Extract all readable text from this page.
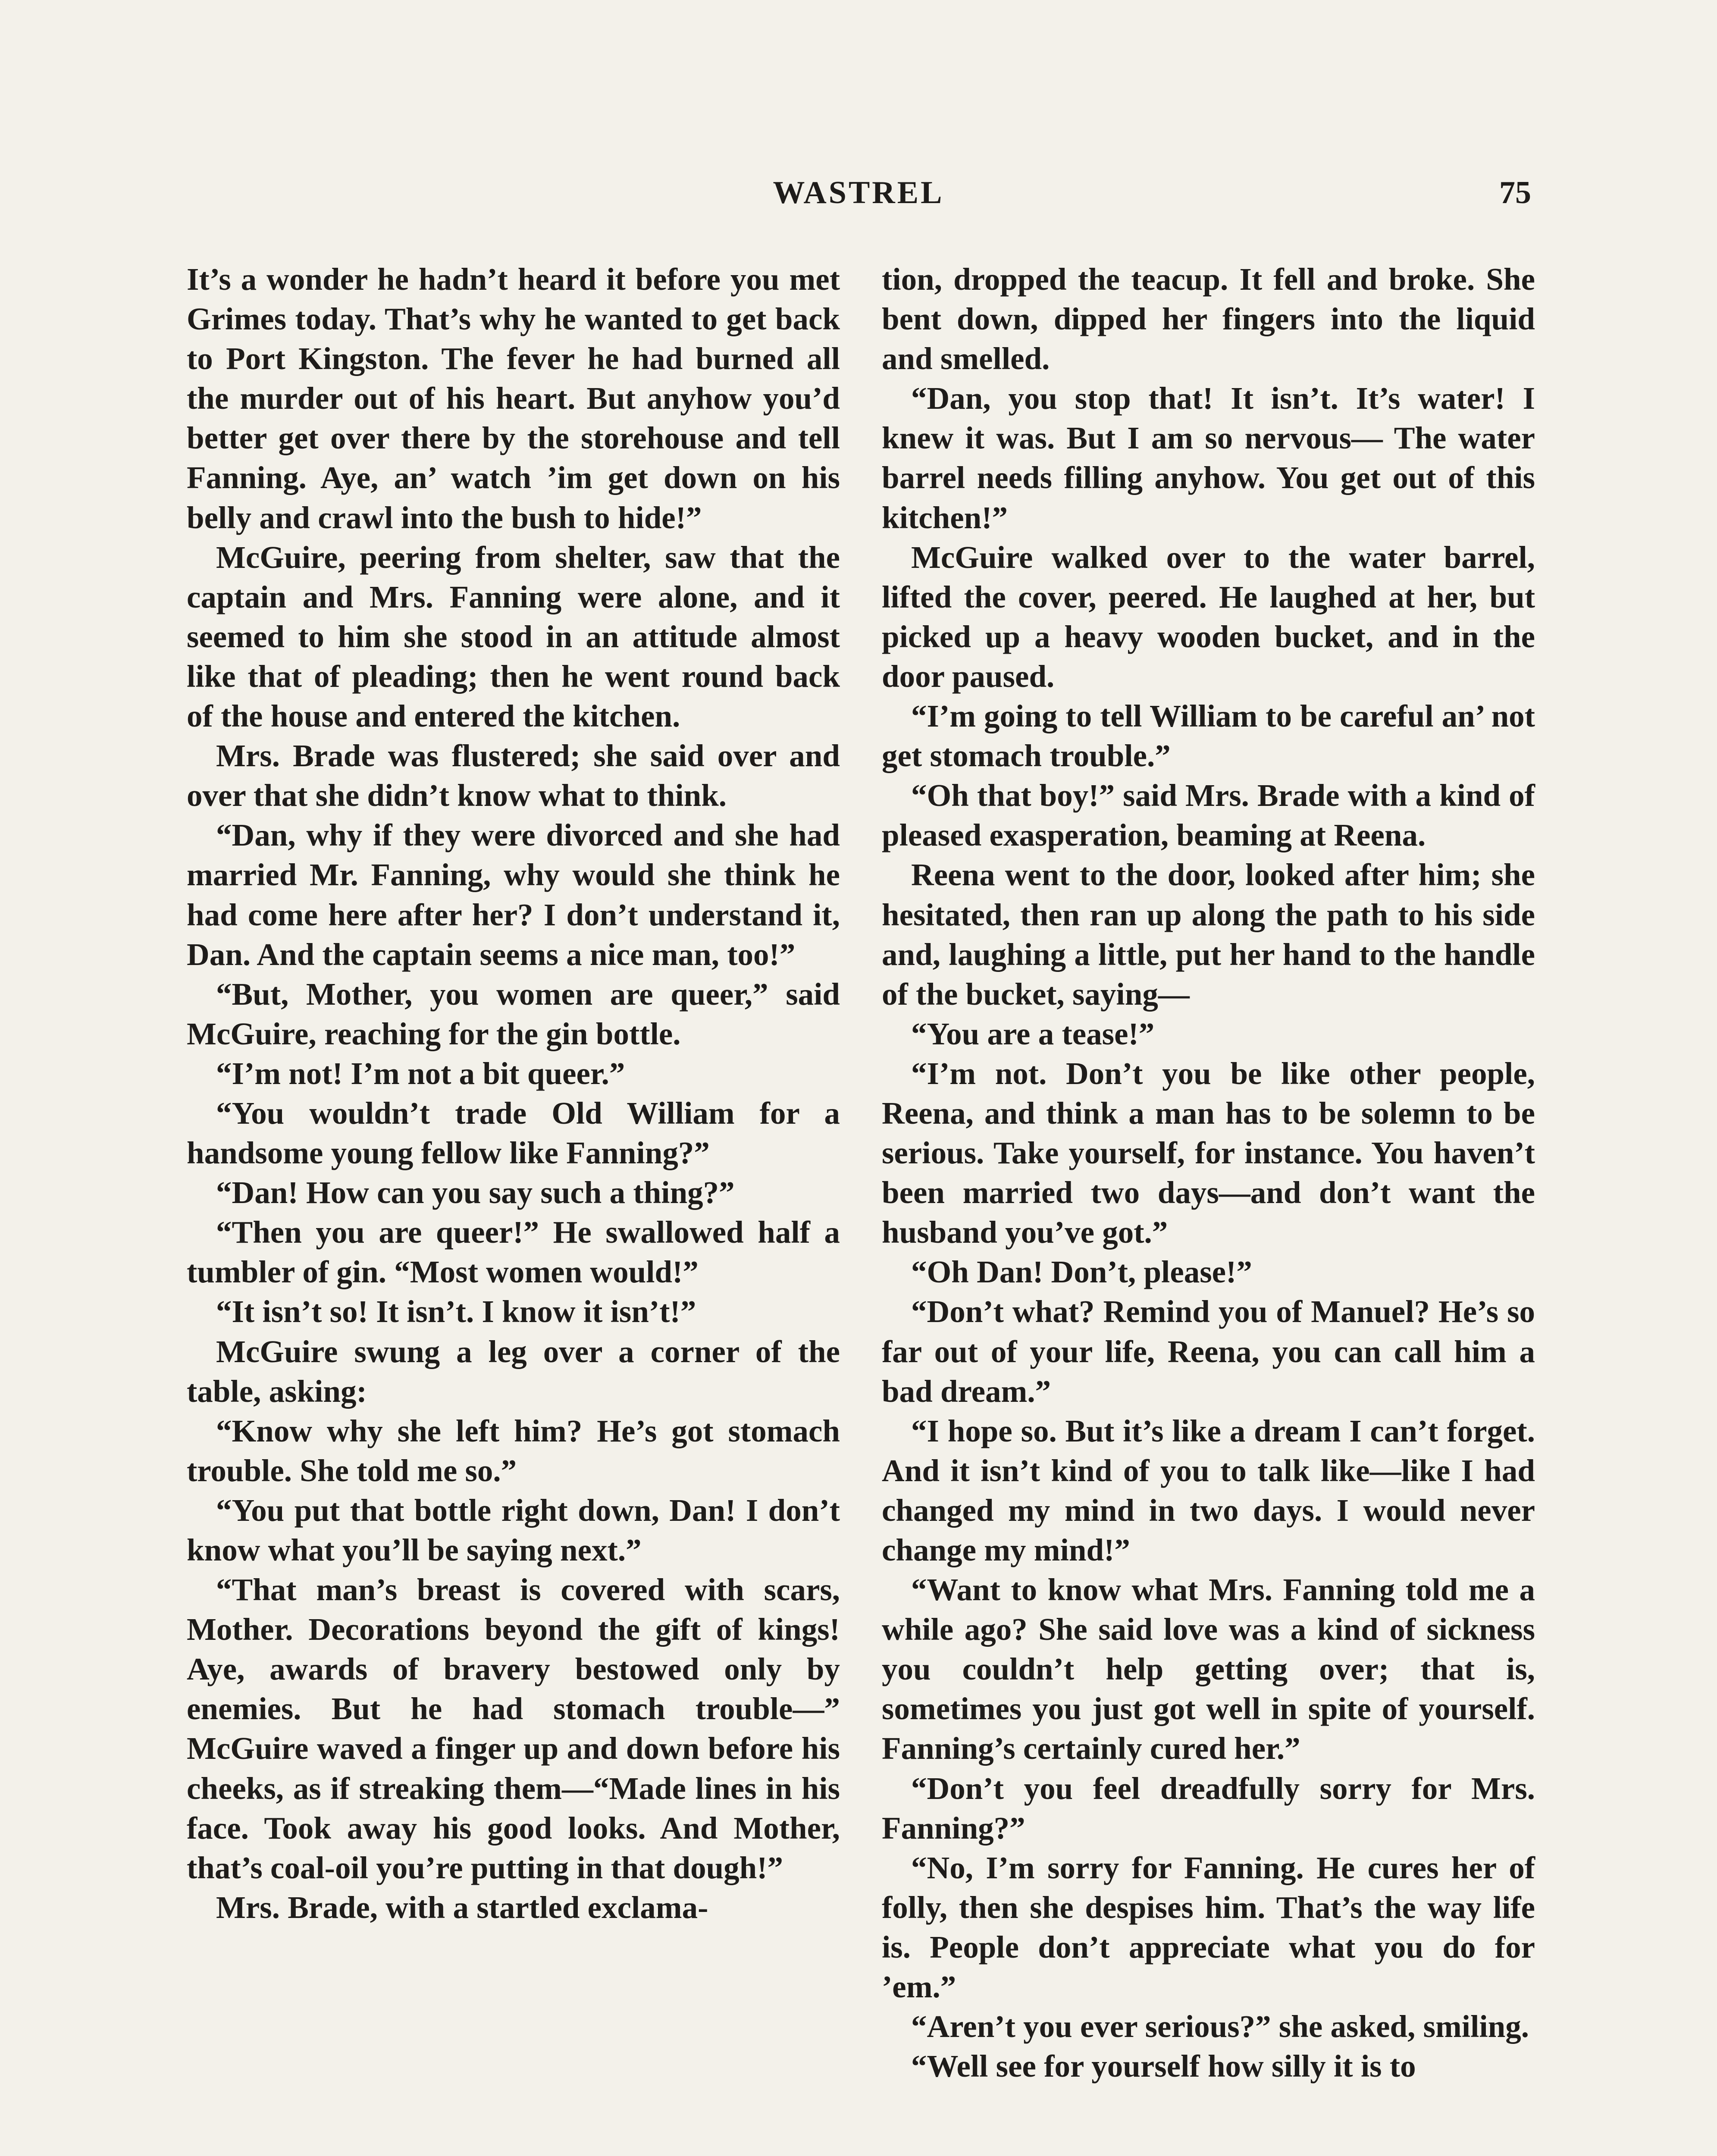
WASTREL	75

It’s a wonder he hadn’t heard it before you met Grimes today. That’s why he wanted to get back to Port Kingston. The fever he had burned all the murder out of his heart. But anyhow you’d better get over there by the storehouse and tell Fanning. Aye, an’ watch ’im get down on his belly and crawl into the bush to hide!”

McGuire, peering from shelter, saw that the captain and Mrs. Fanning were alone, and it seemed to him she stood in an attitude almost like that of pleading; then he went round back of the house and entered the kitchen.

Mrs. Brade was flustered; she said over and over that she didn’t know what to think.

“Dan, why if they were divorced and she had married Mr. Fanning, why would she think he had come here after her? I don’t understand it, Dan. And the captain seems a nice man, too!”

“But, Mother, you women are queer,” said McGuire, reaching for the gin bottle.

“I’m not! I’m not a bit queer.”

“You wouldn’t trade Old William for a handsome young fellow like Fanning?”

“Dan! How can you say such a thing?”

“Then you are queer!” He swallowed half a tumbler of gin. “Most women would!”

“It isn’t so! It isn’t. I know it isn’t!”

McGuire swung a leg over a corner of the table, asking:

“Know why she left him? He’s got stomach trouble. She told me so.”

“You put that bottle right down, Dan! I don’t know what you’ll be saying next.”

“That man’s breast is covered with scars, Mother. Decorations beyond the gift of kings! Aye, awards of bravery bestowed only by enemies. But he had stomach trouble—” McGuire waved a finger up and down before his cheeks, as if streaking them—“Made lines in his face. Took away his good looks. And Mother, that’s coal-oil you’re putting in that dough!”

Mrs. Brade, with a startled exclama-

tion, dropped the teacup. It fell and broke. She bent down, dipped her fingers into the liquid and smelled.

“Dan, you stop that! It isn’t. It’s water! I knew it was. But I am so nervous— The water barrel needs filling anyhow. You get out of this kitchen!”

McGuire walked over to the water barrel, lifted the cover, peered. He laughed at her, but picked up a heavy wooden bucket, and in the door paused.

“I’m going to tell William to be careful an’ not get stomach trouble.”

“Oh that boy!” said Mrs. Brade with a kind of pleased exasperation, beaming at Reena.

Reena went to the door, looked after him; she hesitated, then ran up along the path to his side and, laughing a little, put her hand to the handle of the bucket, saying—

“You are a tease!”

“I’m not. Don’t you be like other people, Reena, and think a man has to be solemn to be serious. Take yourself, for instance. You haven’t been married two days—and don’t want the husband you’ve got.”

“Oh Dan! Don’t, please!”

“Don’t what? Remind you of Manuel? He’s so far out of your life, Reena, you can call him a bad dream.”

“I hope so. But it’s like a dream I can’t forget. And it isn’t kind of you to talk like—like I had changed my mind in two days. I would never change my mind!”

“Want to know what Mrs. Fanning told me a while ago? She said love was a kind of sickness you couldn’t help getting over; that is, sometimes you just got well in spite of yourself. Fanning’s certainly cured her.”

“Don’t you feel dreadfully sorry for Mrs. Fanning?”

“No, I’m sorry for Fanning. He cures her of folly, then she despises him. That’s the way life is. People don’t appreciate what you do for ’em.”

“Aren’t you ever serious?” she asked, smiling.

“Well see for yourself how silly it is to
